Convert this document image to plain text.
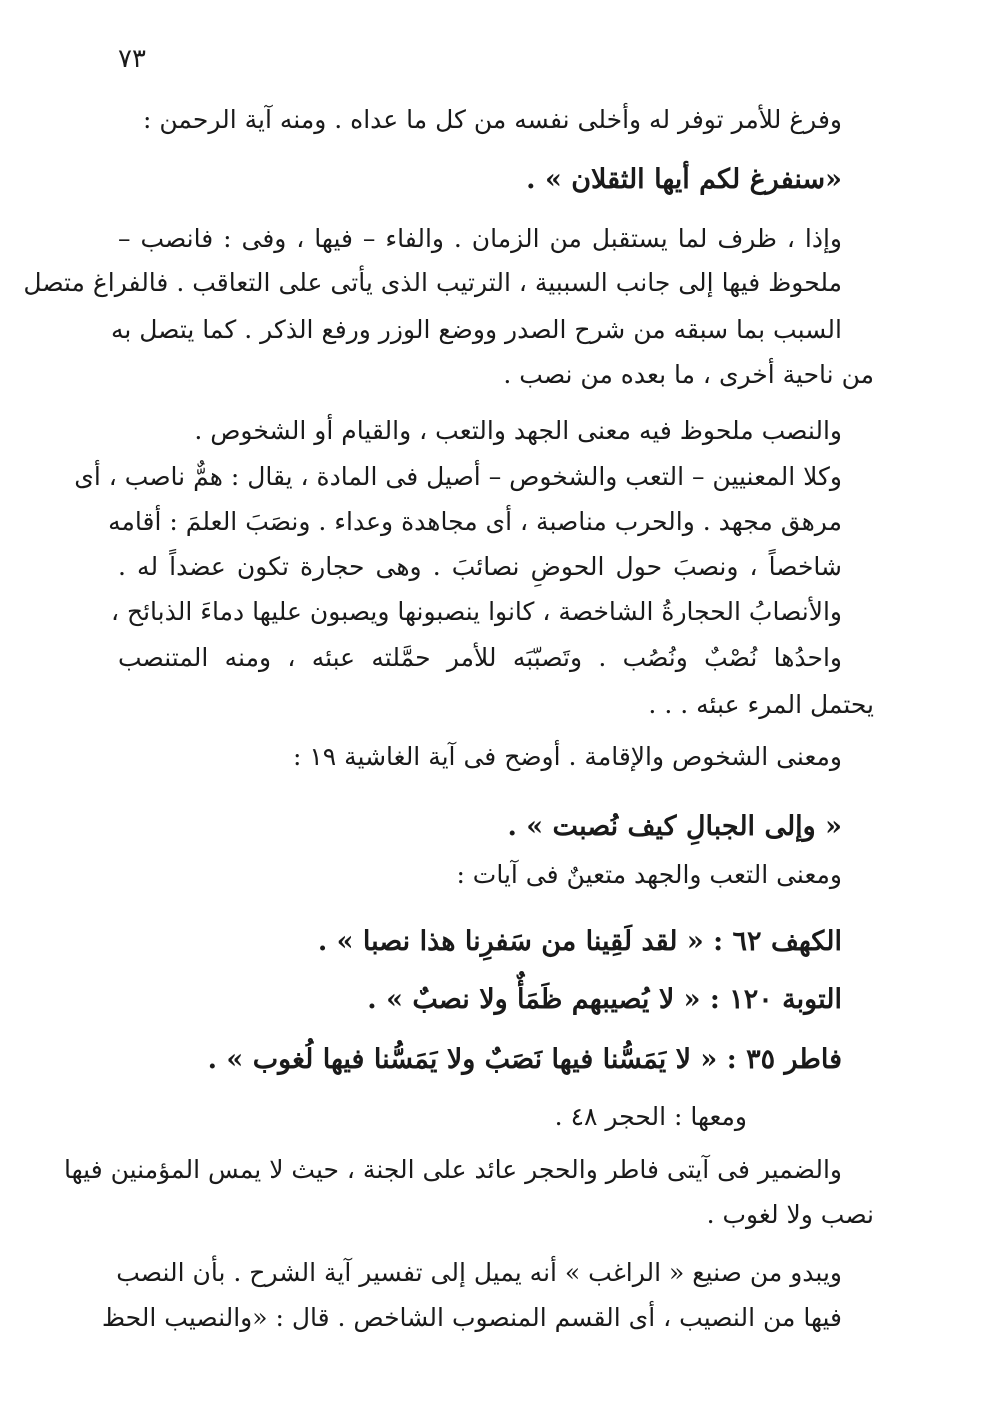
٧٣
وفرغ للأمر توفر له وأخلى نفسه من كل ما عداه . ومنه آية الرحمن :
«سنفرغ لكم أيها الثقلان » .
وإذا ، ظرف لما يستقبل من الزمان . والفاء – فيها ، وفى : فانصب –
ملحوظ فيها إلى جانب السببية ، الترتيب الذى يأتى على التعاقب . فالفراغ متصل
السبب بما سبقه من شرح الصدر ووضع الوزر ورفع الذكر . كما يتصل به
من ناحية أخرى ، ما بعده من نصب .
والنصب ملحوظ فيه معنى الجهد والتعب ، والقيام أو الشخوص .
وكلا المعنيين – التعب والشخوص – أصيل فى المادة ، يقال : همٌّ ناصب ، أى
مرهق مجهد . والحرب مناصبة ، أى مجاهدة وعداء . ونصَبَ العلمَ : أقامه
شاخصاً ، ونصبَ حول الحوضِ نصائبَ . وهى حجارة تكون عضداً له .
والأنصابُ الحجارةُ الشاخصة ، كانوا ينصبونها ويصبون عليها دماءَ الذبائح ،
واحدُها نُصْبٌ ونُصُب . وتَصبّبَه للأمر حمَّلته عبئه ، ومنه المتنصب
يحتمل المرء عبئه . . .
ومعنى الشخوص والإقامة . أوضح فى آية الغاشية ١٩ :
« وإلى الجبالِ كيف نُصبت » .
ومعنى التعب والجهد متعينٌ فى آيات :
الكهف ٦٢ : « لقد لَقِينا من سَفرِنا هذا نصبا » .
التوبة ١٢٠ : « لا يُصيبهم ظَمَأٌ ولا نصبٌ » .
فاطر ٣٥ : « لا يَمَسُّنا فيها نَصَبٌ ولا يَمَسُّنا فيها لُغوب » .
ومعها : الحجر ٤٨ .
والضمير فى آيتى فاطر والحجر عائد على الجنة ، حيث لا يمس المؤمنين فيها
نصب ولا لغوب .
ويبدو من صنيع « الراغب » أنه يميل إلى تفسير آية الشرح . بأن النصب
فيها من النصيب ، أى القسم المنصوب الشاخص . قال : «والنصيب الحظ
